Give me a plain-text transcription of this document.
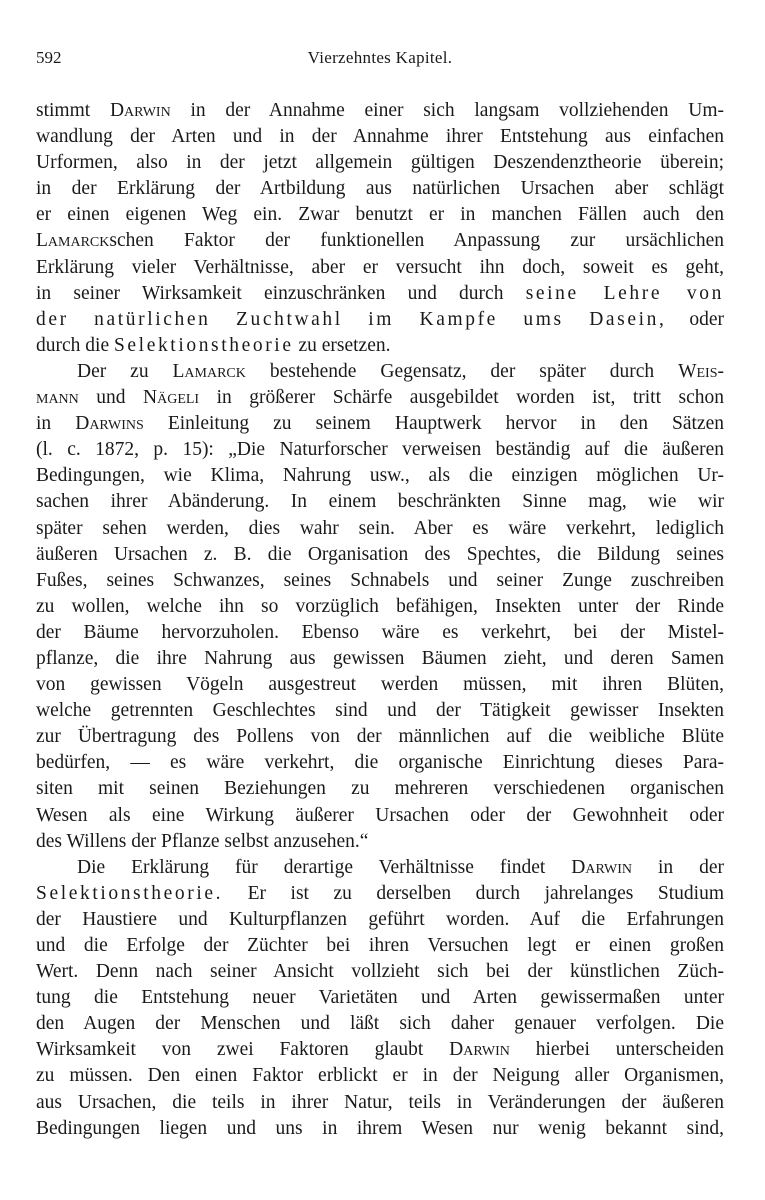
592	Vierzehntes Kapitel.
stimmt Darwin in der Annahme einer sich langsam vollziehenden Um-
wandlung der Arten und in der Annahme ihrer Entstehung aus einfachen
Urformen, also in der jetzt allgemein gültigen Deszendenztheorie überein;
in der Erklärung der Artbildung aus natürlichen Ursachen aber schlägt
er einen eigenen Weg ein. Zwar benutzt er in manchen Fällen auch den
Lamarckschen Faktor der funktionellen Anpassung zur ursächlichen
Erklärung vieler Verhältnisse, aber er versucht ihn doch, soweit es geht,
in seiner Wirksamkeit einzuschränken und durch seine Lehre von
der natürlichen Zuchtwahl im Kampfe ums Dasein, oder
durch die Selektionstheorie zu ersetzen.
Der zu Lamarck bestehende Gegensatz, der später durch Weis-
mann und Nägeli in größerer Schärfe ausgebildet worden ist, tritt schon
in Darwins Einleitung zu seinem Hauptwerk hervor in den Sätzen
(l. c. 1872, p. 15): „Die Naturforscher verweisen beständig auf die äußeren
Bedingungen, wie Klima, Nahrung usw., als die einzigen möglichen Ur-
sachen ihrer Abänderung. In einem beschränkten Sinne mag, wie wir
später sehen werden, dies wahr sein. Aber es wäre verkehrt, lediglich
äußeren Ursachen z. B. die Organisation des Spechtes, die Bildung seines
Fußes, seines Schwanzes, seines Schnabels und seiner Zunge zuschreiben
zu wollen, welche ihn so vorzüglich befähigen, Insekten unter der Rinde
der Bäume hervorzuholen. Ebenso wäre es verkehrt, bei der Mistel-
pflanze, die ihre Nahrung aus gewissen Bäumen zieht, und deren Samen
von gewissen Vögeln ausgestreut werden müssen, mit ihren Blüten,
welche getrennten Geschlechtes sind und der Tätigkeit gewisser Insekten
zur Übertragung des Pollens von der männlichen auf die weibliche Blüte
bedürfen, — es wäre verkehrt, die organische Einrichtung dieses Para-
siten mit seinen Beziehungen zu mehreren verschiedenen organischen
Wesen als eine Wirkung äußerer Ursachen oder der Gewohnheit oder
des Willens der Pflanze selbst anzusehen.“
Die Erklärung für derartige Verhältnisse findet Darwin in der
Selektionstheorie. Er ist zu derselben durch jahrelanges Studium
der Haustiere und Kulturpflanzen geführt worden. Auf die Erfahrungen
und die Erfolge der Züchter bei ihren Versuchen legt er einen großen
Wert. Denn nach seiner Ansicht vollzieht sich bei der künstlichen Züch-
tung die Entstehung neuer Varietäten und Arten gewissermaßen unter
den Augen der Menschen und läßt sich daher genauer verfolgen. Die
Wirksamkeit von zwei Faktoren glaubt Darwin hierbei unterscheiden
zu müssen. Den einen Faktor erblickt er in der Neigung aller Organismen,
aus Ursachen, die teils in ihrer Natur, teils in Veränderungen der äußeren
Bedingungen liegen und uns in ihrem Wesen nur wenig bekannt sind,
